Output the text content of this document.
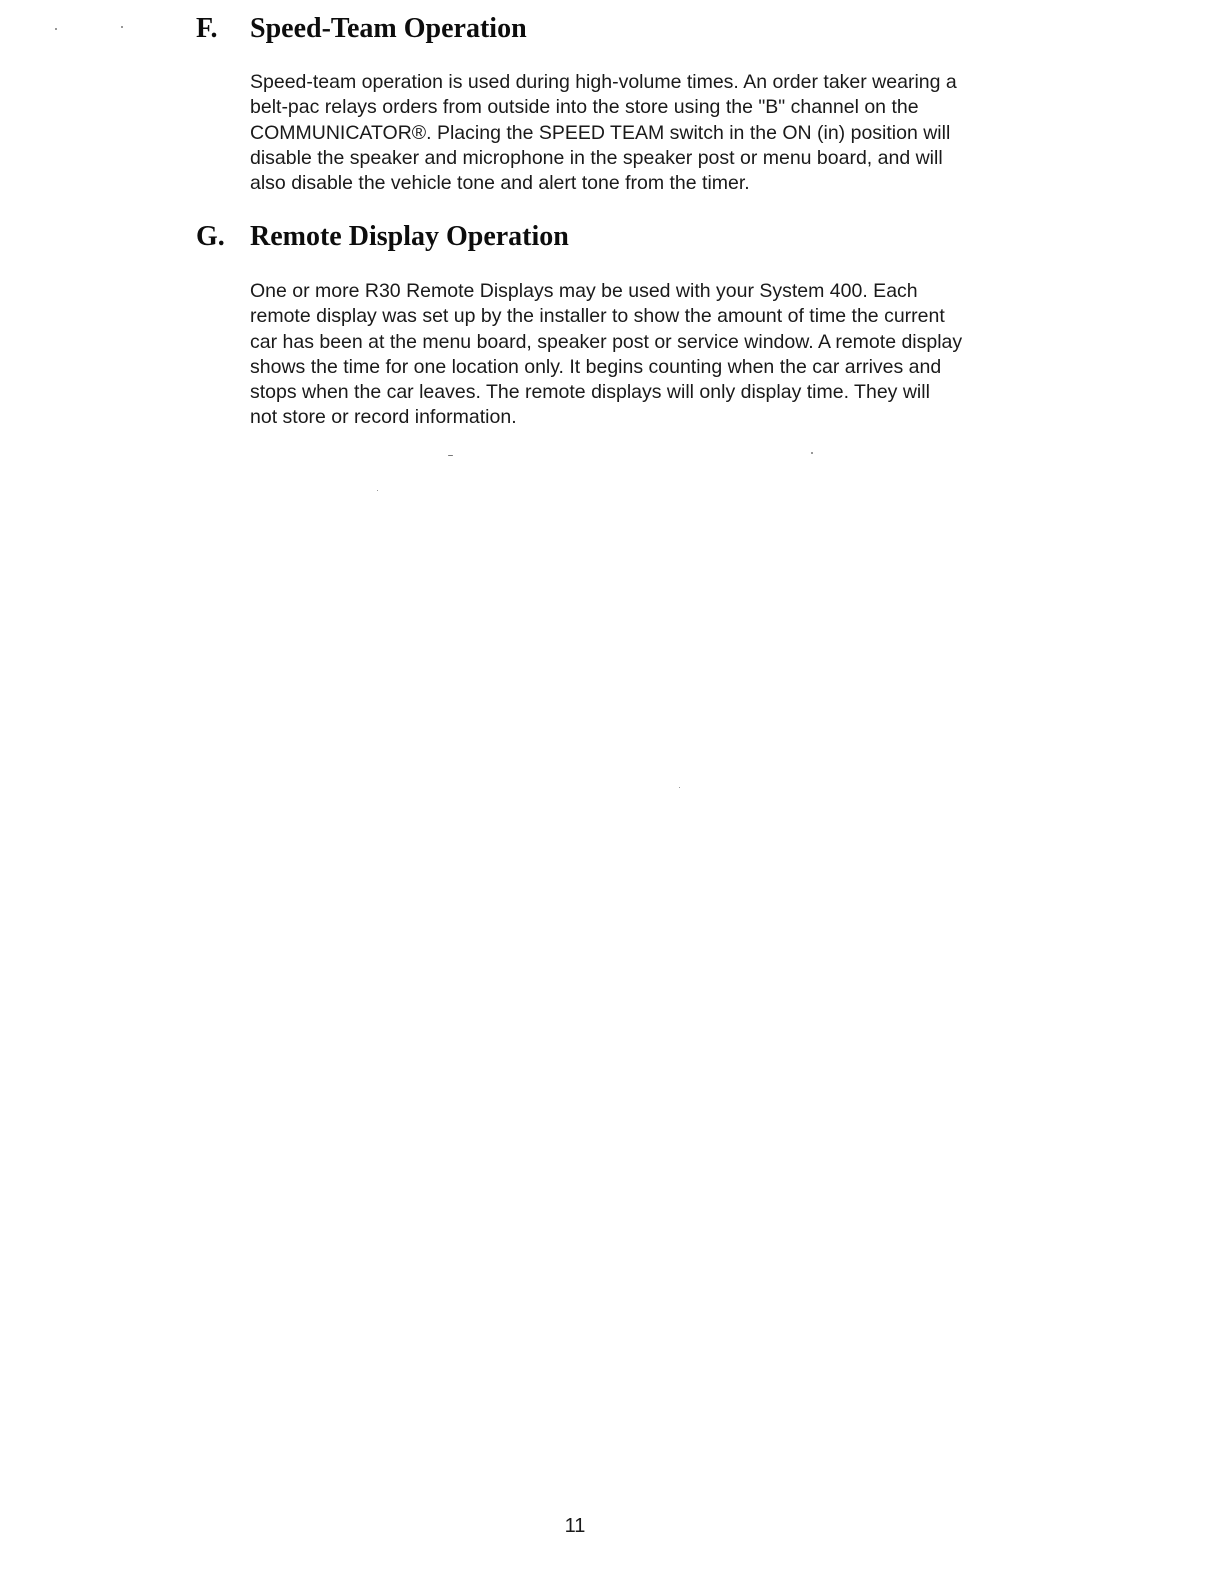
F. Speed-Team Operation
Speed-team operation is used during high-volume times. An order taker wearing a
belt-pac relays orders from outside into the store using the "B" channel on the
COMMUNICATOR®. Placing the SPEED TEAM switch in the ON (in) position will
disable the speaker and microphone in the speaker post or menu board, and will
also disable the vehicle tone and alert tone from the timer.
G. Remote Display Operation
One or more R30 Remote Displays may be used with your System 400. Each
remote display was set up by the installer to show the amount of time the current
car has been at the menu board, speaker post or service window. A remote display
shows the time for one location only. It begins counting when the car arrives and
stops when the car leaves. The remote displays will only display time. They will
not store or record information.
11
